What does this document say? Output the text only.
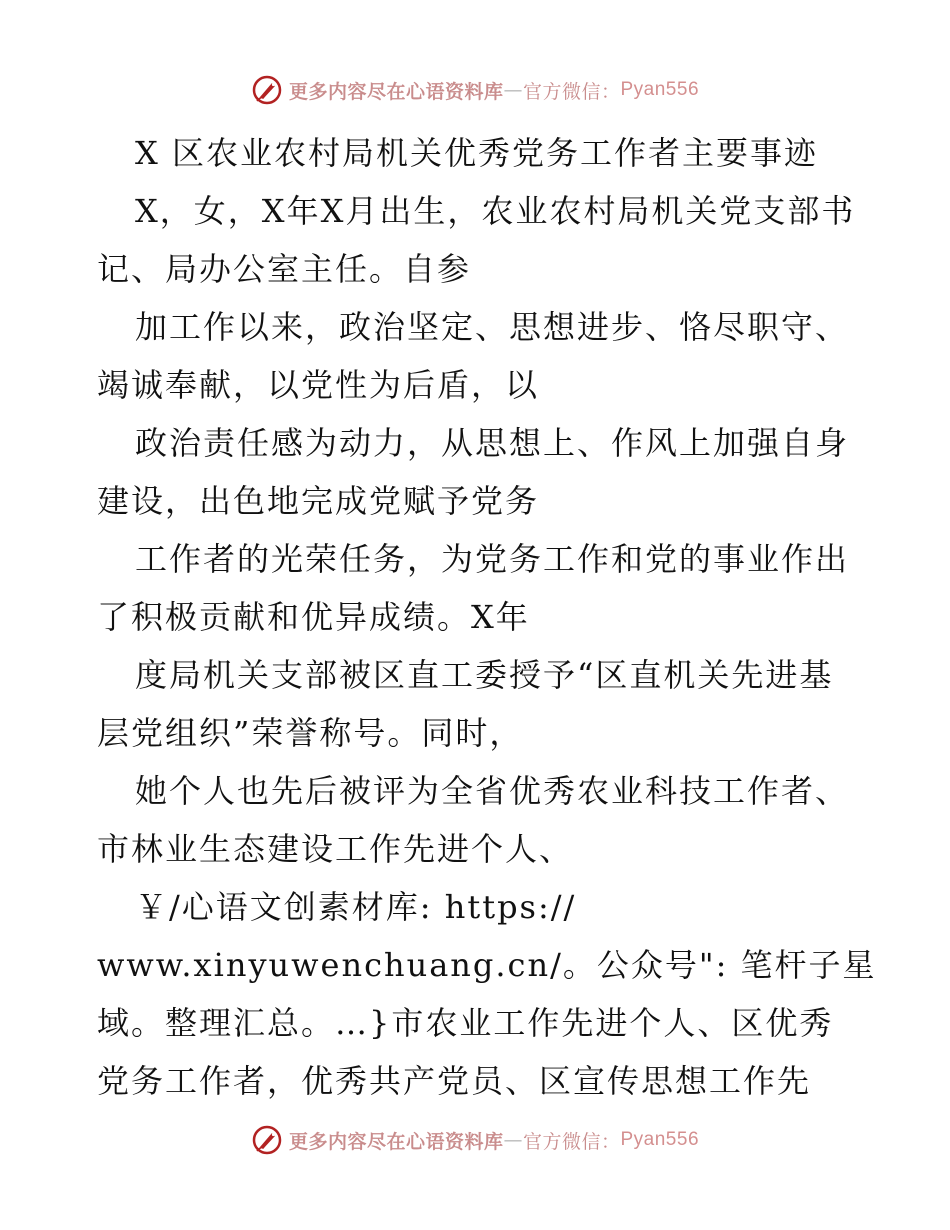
更多内容尽在心语资料库 — 官方微信： Pyan556
X 区农业农村局机关优秀党务工作者主要事迹
X，女，X年X月出生，农业农村局机关党支部书
记、局办公室主任。自参
加工作以来，政治坚定、思想进步、恪尽职守、
竭诚奉献，以党性为后盾，以
政治责任感为动力，从思想上、作风上加强自身
建设，出色地完成党赋予党务
工作者的光荣任务，为党务工作和党的事业作出
了积极贡献和优异成绩。X年
度局机关支部被区直工委授予“区直机关先进基
层党组织”荣誉称号。同时，
她个人也先后被评为全省优秀农业科技工作者、
市林业生态建设工作先进个人、
￥/心语文创素材库: https://
www.xinyuwenchuang.cn/。公众号": 笔杆子星
域。整理汇总。…}市农业工作先进个人、区优秀
党务工作者，优秀共产党员、区宣传思想工作先
更多内容尽在心语资料库 — 官方微信： Pyan556
